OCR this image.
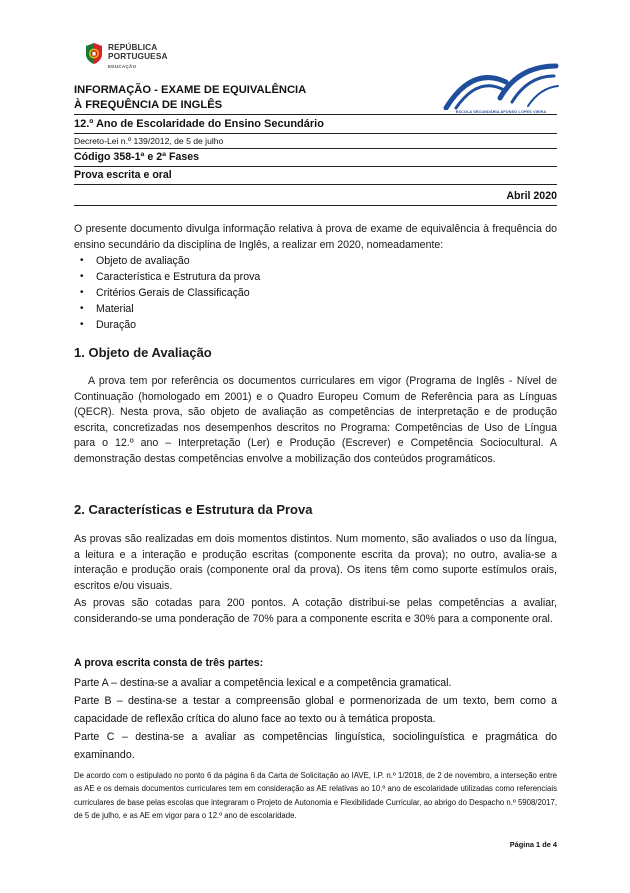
REPÚBLICA
PORTUGUESA
EDUCAÇÃO
ESCOLA SECUNDÁRIA AFONSO LOPES VIEIRA
INFORMAÇÃO - EXAME DE EQUIVALÊNCIA
À FREQUÊNCIA DE INGLÊS
12.º Ano de Escolaridade do Ensino Secundário
Decreto-Lei n.º 139/2012, de 5 de julho
Código 358-1ª e 2ª Fases
Prova escrita e oral
Abril 2020

O presente documento divulga informação relativa à prova de exame de equivalência à frequência do ensino secundário da disciplina de Inglês, a realizar em 2020, nomeadamente:

• Objeto de avaliação
• Característica e Estrutura da prova
• Critérios Gerais de Classificação
• Material
• Duração
1. Objeto de Avaliação

A prova tem por referência os documentos curriculares em vigor (Programa de Inglês - Nível de Continuação (homologado em 2001) e o Quadro Europeu Comum de Referência para as Línguas (QECR). Nesta prova, são objeto de avaliação as competências de interpretação e de produção escrita, concretizadas nos desempenhos descritos no Programa: Competências de Uso de Língua para o 12.º ano – Interpretação (Ler) e Produção (Escrever) e Competência Sociocultural. A demonstração destas competências envolve a mobilização dos conteúdos programáticos.

2. Características e Estrutura da Prova

As provas são realizadas em dois momentos distintos. Num momento, são avaliados o uso da língua, a leitura e a interação e produção escritas (componente escrita da prova); no outro, avalia-se a interação e produção orais (componente oral da prova). Os itens têm como suporte estímulos orais, escritos e/ou visuais.

As provas são cotadas para 200 pontos. A cotação distribui-se pelas competências a avaliar, considerando-se uma ponderação de 70% para a componente escrita e 30% para a componente oral.

A prova escrita consta de três partes:

Parte A – destina-se a avaliar a competência lexical e a competência gramatical.

Parte B – destina-se a testar a compreensão global e pormenorizada de um texto, bem como a capacidade de reflexão crítica do aluno face ao texto ou à temática proposta.

Parte C – destina-se a avaliar as competências linguística, sociolinguística e pragmática do examinando.

De acordo com o estipulado no ponto 6 da página 6 da Carta de Solicitação ao IAVE, I.P. n.º 1/2018, de 2 de novembro, a interseção entre as AE e os demais documentos curriculares tem em consideração as AE relativas ao 10.º ano de escolaridade utilizadas como referenciais curriculares de base pelas escolas que integraram o Projeto de Autonomia e Flexibilidade Curricular, ao abrigo do Despacho n.º 5908/2017, de 5 de julho, e as AE em vigor para o 12.º ano de escolaridade.

Página 1 de 4
